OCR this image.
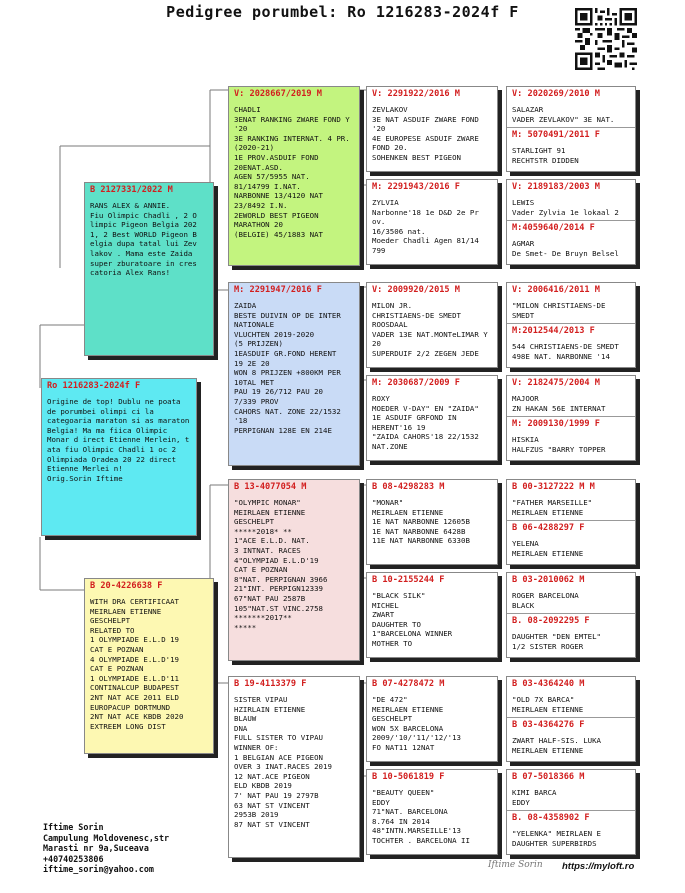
Pedigree porumbel: Ro 1216283-2024f F
Ro 1216283-2024f F
Origine de top! Dublu ne poata de porumbei olimpi ci la categoaria maraton si as maraton Belgia! Ma ma fiica Olimpic Monar d irect Etienne Merlein, t ata fiu Olimpic Chadli 1 oc 2 Olimpiada Oradea 20 22 direct Etienne Merlei n!
Orig.Sorin Iftime
B 2127331/2022 M
RANS ALEX & ANNIE.
Fiu Olimpic Chadli , 2 O limpic Pigeon Belgia 202 1, 2 Best WORLD Pigeon B elgia dupa tatal lui Zev lakov . Mama este Zaida super zburatoare in cres catoria Alex Rans!
B 20-4226638 F
WITH DRA CERTIFICAAT
MEIRLAEN ETIENNE
GESCHELPT
RELATED TO
1 OLYMPIADE E.L.D 19
CAT E POZNAN
4 OLYMPIADE E.L.D'19
CAT E POZNAN
1 OLYMPIADE E.L.D'11
CONTINALCUP BUDAPEST
2NT NAT ACE 2011 ELD
EUROPACUP DORTMUND
2NT NAT ACE KBDB 2020
EXTREEM LONG DIST
V: 2028667/2019 M
CHADLI
3ENAT RANKING ZWARE FOND Y '20
3E RANKING INTERNAT. 4 PR.(2020-21)
1E PROV.ASDUIF FOND
20ENAT.ASD.
AGEN 57/5955 NAT.
81/14799 I.NAT.
NARBONNE 13/4120 NAT
23/8492 I.N.
2EWORLD BEST PIGEON
MARATHON 20
(BELGIE) 45/1883 NAT
M: 2291947/2016 F
ZAIDA
BESTE DUIVIN OP DE INTER NATIONALE
VLUCHTEN 2019-2020
(5 PRIJZEN)
1EASDUIF GR.FOND HERENT
19 2E 20
WON 8 PRIJZEN +800KM PER 10TAL MET
PAU 19 26/712 PAU 20
7/339 PROV
CAHORS NAT. ZONE 22/1532 '18
PERPIGNAN 128E EN 214E
B 13-4077054 M
"OLYMPIC MONAR"
MEIRLAEN ETIENNE
GESCHELPT
*****2018* **
1"ACE E.L.D. NAT.
3 INTNAT. RACES
4"OLYMPIAD E.L.D'19
CAT E POZNAN
8"NAT. PERPIGNAN 3966
21"INT. PERPIGN12339
67"NAT PAU 2587B
105"NAT.ST VINC.2758
*******2017**
*****
B 19-4113379 F
SISTER VIPAU
HZIRLAIN ETIENNE
BLAUW
DNA
FULL SISTER TO VIPAU
WINNER OF:
1 BELGIAN ACE PIGEON
OVER 3 INAT.RACES 2019
12 NAT.ACE PIGEON
ELD KBDB 2019
7' NAT PAU 19 2797B
63 NAT ST VINCENT
2953B 2019
87 NAT ST VINCENT
V: 2291922/2016 M
ZEVLAKOV
3E NAT ASDUIF ZWARE FOND '20
4E EUROPESE ASDUIF ZWARE FOND 20.
SOHENKEN BEST PIGEON
M: 2291943/2016 F
ZYLVIA
Narbonne'18 1e D&D 2e Pr ov.
16/3506 nat.
Moeder Chadli Agen 81/14 799
V: 2009920/2015 M
MILON JR.
CHRISTIAENS-DE SMEDT
ROOSDAAL
VADER 13E NAT.MONTeLIMAR Y 20
SUPERDUIF 2/2 ZEGEN JEDE
M: 2030687/2009 F
ROXY
MOEDER V-DAY" EN "ZAIDA"
1E ASDUIF GRFOND IN HERENT'16 19
"ZAIDA CAHORS'18 22/1532 NAT.ZONE
B 08-4298283 M
"MONAR"
MEIRLAEN ETIENNE
1E NAT NARBONNE 12605B
1E NAT NARBONNE 6428B
11E NAT NARBONNE 6330B
B 10-2155244 F
"BLACK SILK"
MICHEL
ZWART
DAUGHTER TO
1"BARCELONA WINNER
MOTHER TO
B 07-4278472 M
"DE 472"
MEIRLAEN ETIENNE
GESCHELPT
WON 5X BARCELONA
2009/'10/'11/'12/'13
FO NAT11 12NAT
B 10-5061819 F
"BEAUTY QUEEN"
EDDY
71"NAT. BARCELONA
8.764 IN 2014
48"INTN.MARSEILLE'13
TOCHTER . BARCELONA II
V: 2020269/2010 M
SALAZAR
VADER ZEVLAKOV" 3E NAT.
M: 5070491/2011 F
STARLIGHT 91
RECHTSTR DIDDEN
V: 2189183/2003 M
LEWIS
Vader Zylvia 1e lokaal 2
M:4059640/2014 F
AGMAR
De Smet- De Bruyn Belsel
V: 2006416/2011 M
"MILON CHRISTIAENS-DE SMEDT
M:2012544/2013 F
544 CHRISTIAENS-DE SMEDT
498E NAT. NARBONNE '14
V: 2182475/2004 M
MAJOOR
ZN HAKAN 56E INTERNAT
M: 2009130/1999 F
HISKIA
HALFZUS "BARRY TOPPER
B 00-3127222 M M
"FATHER MARSEILLE"
MEIRLAEN ETIENNE
B 06-4288297 F
YELENA
MEIRLAEN ETIENNE
B 03-2010062 M
ROGER BARCELONA
BLACK
B. 08-2092295 F
DAUGHTER "DEN EMTEL"
1/2 SISTER ROGER
B 03-4364240 M
"OLD 7X BARCA"
MEIRLAEN ETIENNE
B 03-4364276 F
ZWART HALF-SIS. LUKA
MEIRLAEN ETIENNE
B 07-5018366 M
KIMI BARCA
EDDY
B. 08-4358902 F
"YELENKA" MEIRLAEN E
DAUGHTER SUPERBIRDS
Iftime Sorin
Campulung Moldovenesc,str
Marasti nr 9a,Suceava
+40740253806
iftime_sorin@yahoo.com	Iftime Sorin https://myloft.ro
